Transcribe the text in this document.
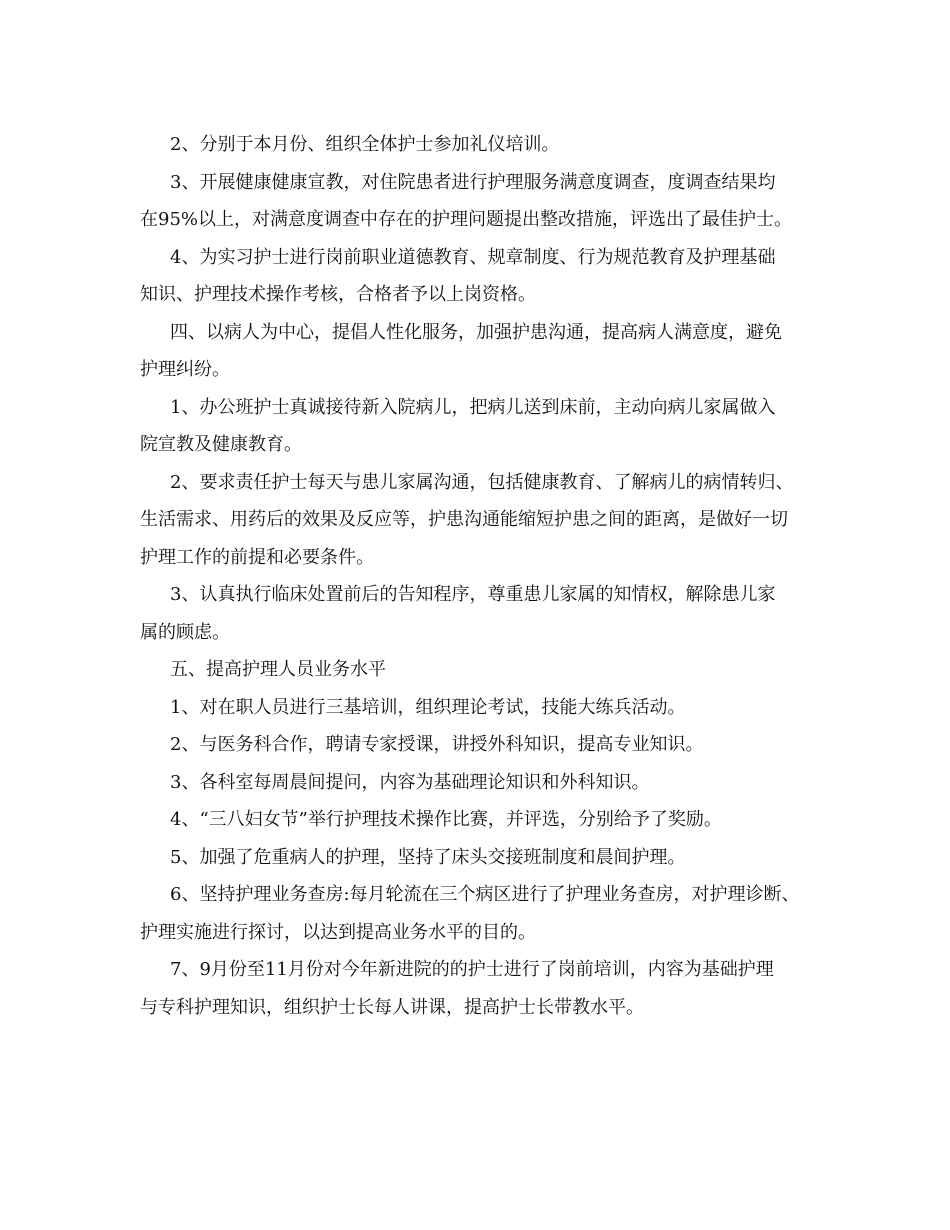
2、分别于本月份、组织全体护士参加礼仪培训。

3、开展健康健康宣教，对住院患者进行护理服务满意度调查，度调查结果均

在95%以上，对满意度调查中存在的护理问题提出整改措施，评选出了最佳护士。

4、为实习护士进行岗前职业道德教育、规章制度、行为规范教育及护理基础

知识、护理技术操作考核，合格者予以上岗资格。

四、以病人为中心，提倡人性化服务，加强护患沟通，提高病人满意度，避免

护理纠纷。

1、办公班护士真诚接待新入院病儿，把病儿送到床前，主动向病儿家属做入

院宣教及健康教育。

2、要求责任护士每天与患儿家属沟通，包括健康教育、了解病儿的病情转归、

生活需求、用药后的效果及反应等，护患沟通能缩短护患之间的距离，是做好一切

护理工作的前提和必要条件。

3、认真执行临床处置前后的告知程序，尊重患儿家属的知情权，解除患儿家

属的顾虑。

五、提高护理人员业务水平

1、对在职人员进行三基培训，组织理论考试，技能大练兵活动。

2、与医务科合作，聘请专家授课，讲授外科知识，提高专业知识。

3、各科室每周晨间提问，内容为基础理论知识和外科知识。

4、“三八妇女节”举行护理技术操作比赛，并评选，分别给予了奖励。

5、加强了危重病人的护理，坚持了床头交接班制度和晨间护理。

6、坚持护理业务查房:每月轮流在三个病区进行了护理业务查房，对护理诊断、

护理实施进行探讨，以达到提高业务水平的目的。

7、9月份至11月份对今年新进院的的护士进行了岗前培训，内容为基础护理

与专科护理知识，组织护士长每人讲课，提高护士长带教水平。
